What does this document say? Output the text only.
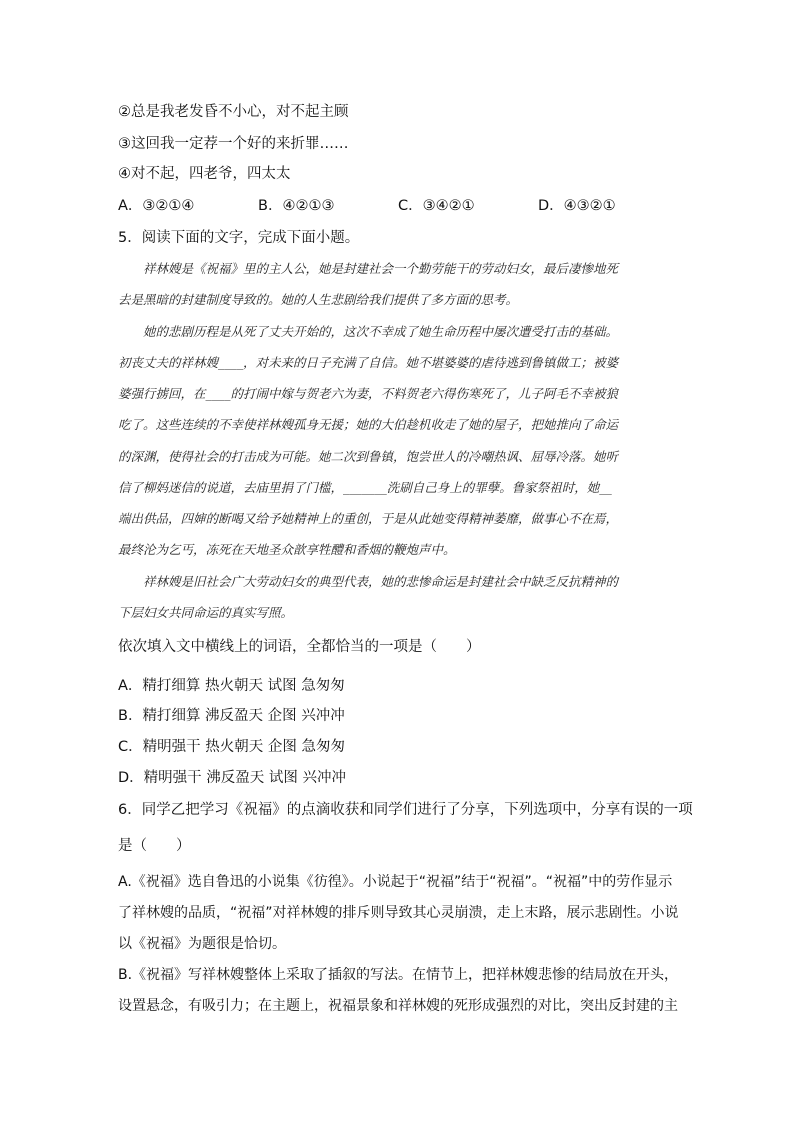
②总是我老发昏不小心，对不起主顾
③这回我一定荐一个好的来折罪……
④对不起，四老爷，四太太
A．③②①④	B．④②①③	C．③④②①	D．④③②①
5．阅读下面的文字，完成下面小题。
　　祥林嫂是《祝福》里的主人公，她是封建社会一个勤劳能干的劳动妇女，最后凄惨地死
去是黑暗的封建制度导致的。她的人生悲剧给我们提供了多方面的思考。
　　她的悲剧历程是从死了丈夫开始的，这次不幸成了她生命历程中屡次遭受打击的基础。
初丧丈夫的祥林嫂____，对未来的日子充满了自信。她不堪婆婆的虐待逃到鲁镇做工；被婆
婆强行掳回，在____的打闹中嫁与贺老六为妻，不料贺老六得伤寒死了，儿子阿毛不幸被狼
吃了。这些连续的不幸使祥林嫂孤身无援；她的大伯趁机收走了她的屋子，把她推向了命运
的深渊，使得社会的打击成为可能。她二次到鲁镇，饱尝世人的冷嘲热讽、屈辱冷落。她听
信了柳妈迷信的说道，去庙里捐了门槛，_______洗刷自己身上的罪孽。鲁家祭祖时，她__
端出供品，四婶的断喝又给予她精神上的重创，于是从此她变得精神萎靡，做事心不在焉，
最终沦为乞丐，冻死在天地圣众歆享牲醴和香烟的鞭炮声中。
　　祥林嫂是旧社会广大劳动妇女的典型代表，她的悲惨命运是封建社会中缺乏反抗精神的
下层妇女共同命运的真实写照。
依次填入文中横线上的词语，全都恰当的一项是（　　）
A．精打细算 热火朝天 试图 急匆匆
B．精打细算 沸反盈天 企图 兴冲冲
C．精明强干 热火朝天 企图 急匆匆
D．精明强干 沸反盈天 试图 兴冲冲
6．同学乙把学习《祝福》的点滴收获和同学们进行了分享，下列选项中，分享有误的一项
是（　　）
A.《祝福》选自鲁迅的小说集《彷徨》。小说起于“祝福”结于“祝福”。“祝福”中的劳作显示
了祥林嫂的品质，“祝福”对祥林嫂的排斥则导致其心灵崩溃，走上末路，展示悲剧性。小说
以《祝福》为题很是恰切。
B.《祝福》写祥林嫂整体上采取了插叙的写法。在情节上，把祥林嫂悲惨的结局放在开头，
设置悬念，有吸引力；在主题上，祝福景象和祥林嫂的死形成强烈的对比，突出反封建的主
